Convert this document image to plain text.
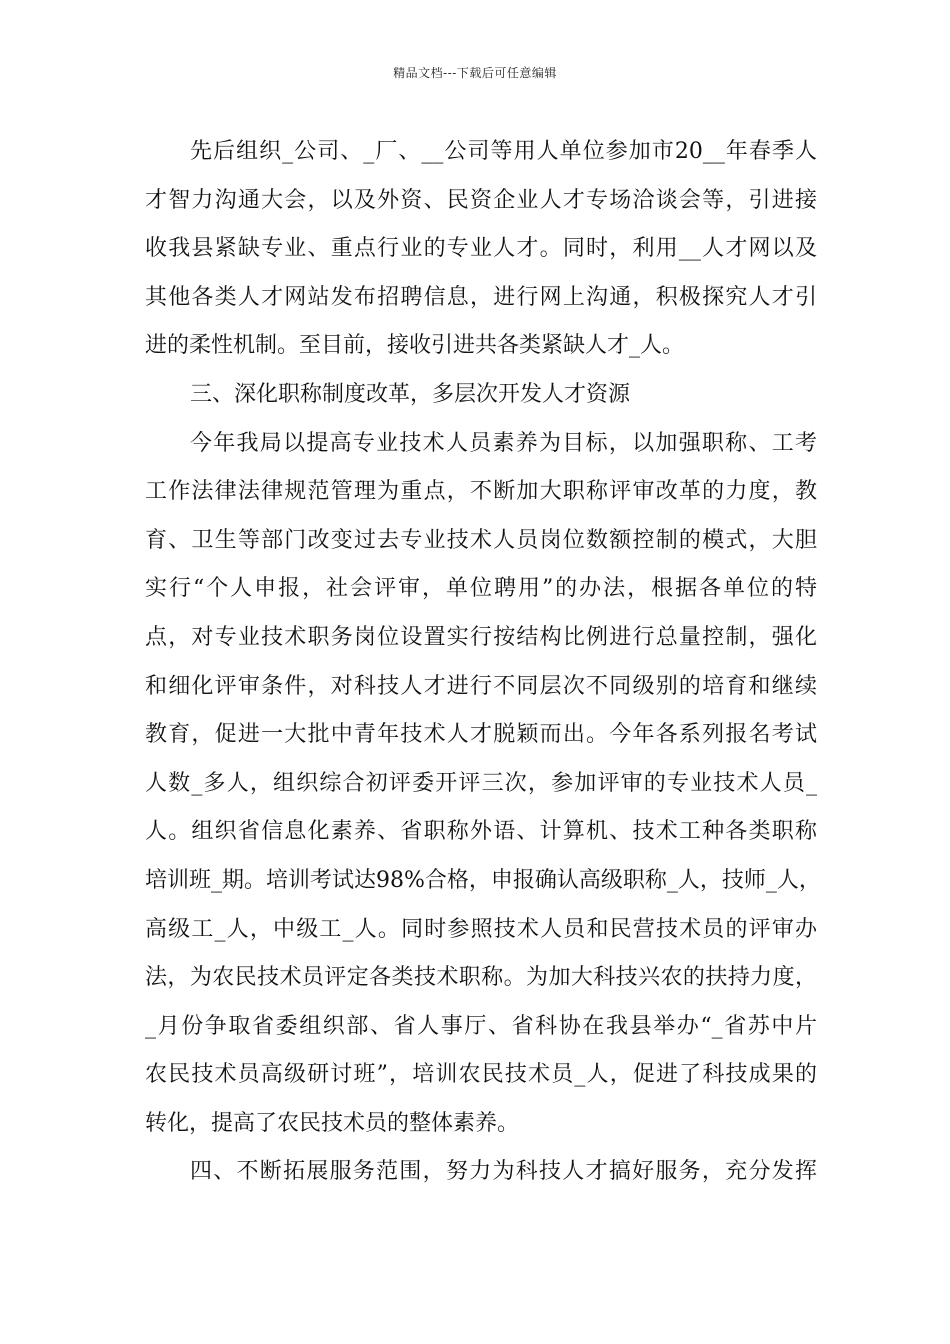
精品文档---下载后可任意编辑
先后组织_公司、_厂、__公司等用人单位参加市20__年春季人
才智力沟通大会，以及外资、民资企业人才专场洽谈会等，引进接
收我县紧缺专业、重点行业的专业人才。同时，利用__人才网以及
其他各类人才网站发布招聘信息，进行网上沟通，积极探究人才引
进的柔性机制。至目前，接收引进共各类紧缺人才_人。
三、深化职称制度改革，多层次开发人才资源
今年我局以提高专业技术人员素养为目标，以加强职称、工考
工作法律法律规范管理为重点，不断加大职称评审改革的力度，教
育、卫生等部门改变过去专业技术人员岗位数额控制的模式，大胆
实行“个人申报，社会评审，单位聘用”的办法，根据各单位的特
点，对专业技术职务岗位设置实行按结构比例进行总量控制，强化
和细化评审条件，对科技人才进行不同层次不同级别的培育和继续
教育，促进一大批中青年技术人才脱颖而出。今年各系列报名考试
人数_多人，组织综合初评委开评三次，参加评审的专业技术人员_
人。组织省信息化素养、省职称外语、计算机、技术工种各类职称
培训班_期。培训考试达98%合格，申报确认高级职称_人，技师_人，
高级工_人，中级工_人。同时参照技术人员和民营技术员的评审办
法，为农民技术员评定各类技术职称。为加大科技兴农的扶持力度，
_月份争取省委组织部、省人事厅、省科协在我县举办“_省苏中片
农民技术员高级研讨班”，培训农民技术员_人，促进了科技成果的
转化，提高了农民技术员的整体素养。
四、不断拓展服务范围，努力为科技人才搞好服务，充分发挥
